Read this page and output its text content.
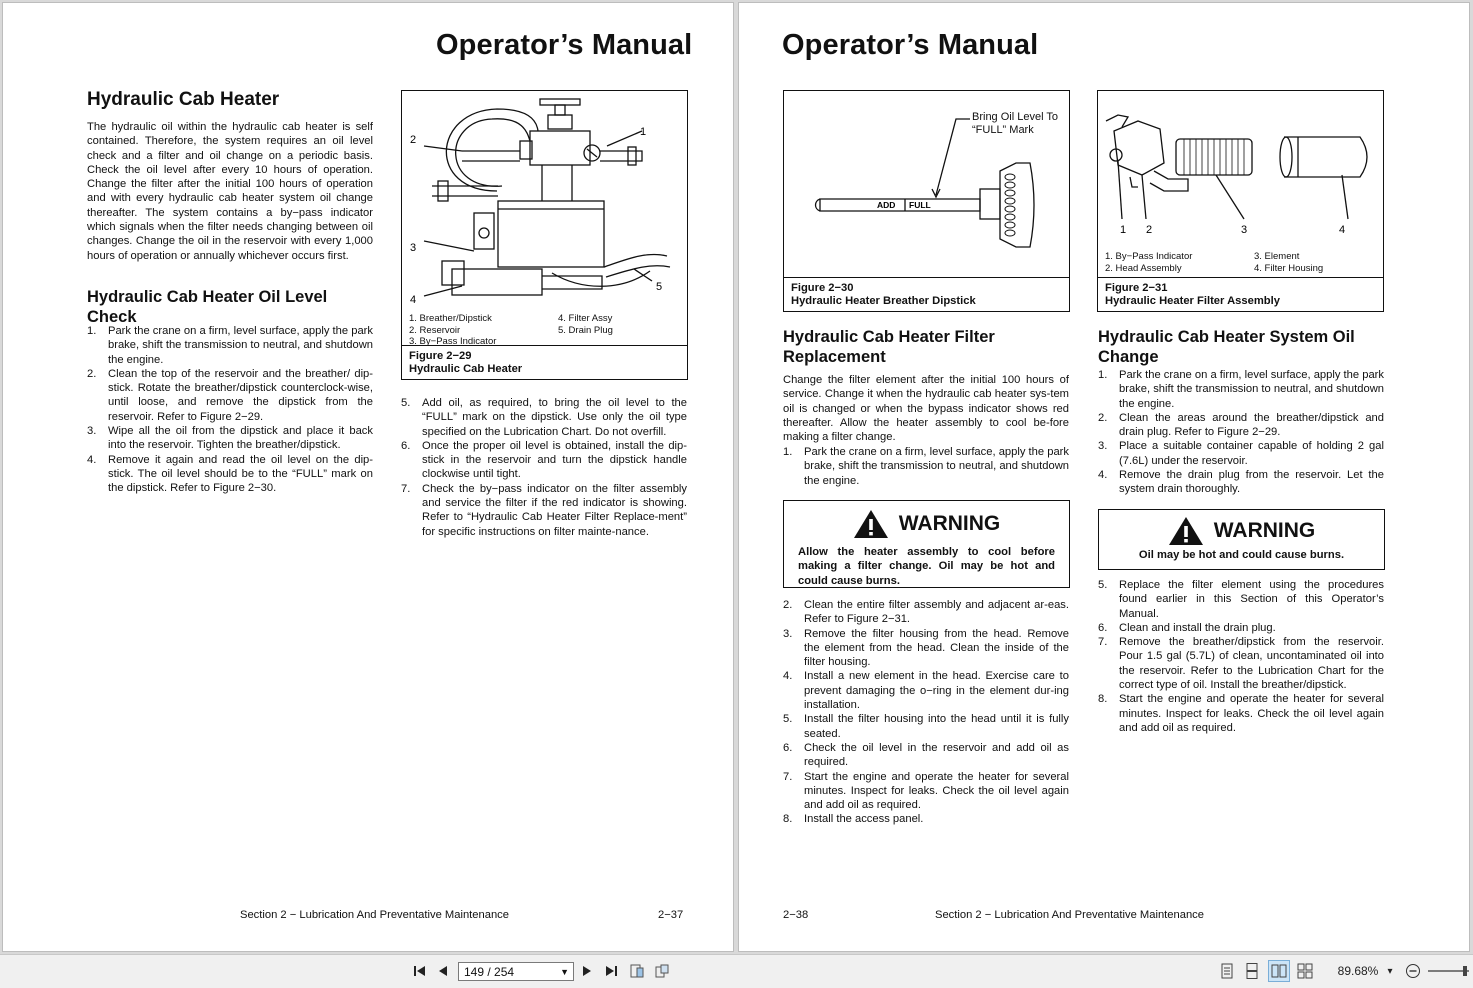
Operator’s Manual
Hydraulic Cab Heater
The hydraulic oil within the hydraulic cab heater is self contained. Therefore, the system requires an oil level check and a filter and oil change on a periodic basis. Check the oil level after every 10 hours of operation. Change the filter after the initial 100 hours of operation and with every hydraulic cab heater system oil change thereafter. The system contains a by−pass indicator which signals when the filter needs changing between oil changes. Change the oil in the reservoir with every 1,000 hours of operation or annually whichever occurs first.
Hydraulic Cab Heater Oil Level Check
1. Park the crane on a firm, level surface, apply the park brake, shift the transmission to neutral, and shutdown the engine.
2. Clean the top of the reservoir and the breather/ dip-stick. Rotate the breather/dipstick counterclock-wise, until loose, and remove the dipstick from the reservoir. Refer to Figure 2−29.
3. Wipe all the oil from the dipstick and place it back into the reservoir. Tighten the breather/dipstick.
4. Remove it again and read the oil level on the dip-stick. The oil level should be to the “FULL” mark on the dipstick. Refer to Figure 2−30.
2
1
3
4
5
1. Breather/Dipstick
2. Reservoir
3. By−Pass Indicator
4. Filter Assy
5. Drain Plug
Figure 2−29
Hydraulic Cab Heater
5. Add oil, as required, to bring the oil level to the “FULL” mark on the dipstick. Use only the oil type specified on the Lubrication Chart. Do not overfill.
6. Once the proper oil level is obtained, install the dip-stick in the reservoir and turn the dipstick handle clockwise until tight.
7. Check the by−pass indicator on the filter assembly and service the filter if the red indicator is showing. Refer to “Hydraulic Cab Heater Filter Replace-ment” for specific instructions on filter mainte-nance.
Section 2 − Lubrication And Preventative Maintenance	2−37
Operator’s Manual
ADD FULL
Bring Oil Level To “FULL” Mark
Figure 2−30
Hydraulic Heater Breather Dipstick
1 2	3	4
1. By−Pass Indicator
2. Head Assembly
3. Element
4. Filter Housing
Figure 2−31
Hydraulic Heater Filter Assembly
Hydraulic Cab Heater Filter Replacement
Change the filter element after the initial 100 hours of service. Change it when the hydraulic cab heater sys-tem oil is changed or when the bypass indicator shows red thereafter. Allow the heater assembly to cool be-fore making a filter change.
1. Park the crane on a firm, level surface, apply the park brake, shift the transmission to neutral, and shutdown the engine.
WARNING
Allow the heater assembly to cool before making a filter change. Oil may be hot and could cause burns.
2. Clean the entire filter assembly and adjacent ar-eas. Refer to Figure 2−31.
3. Remove the filter housing from the head. Remove the element from the head. Clean the inside of the filter housing.
4. Install a new element in the head. Exercise care to prevent damaging the o−ring in the element dur-ing installation.
5. Install the filter housing into the head until it is fully seated.
6. Check the oil level in the reservoir and add oil as required.
7. Start the engine and operate the heater for several minutes. Inspect for leaks. Check the oil level again and add oil as required.
8. Install the access panel.
Hydraulic Cab Heater System Oil Change
1. Park the crane on a firm, level surface, apply the park brake, shift the transmission to neutral, and shutdown the engine.
2. Clean the areas around the breather/dipstick and drain plug. Refer to Figure 2−29.
3. Place a suitable container capable of holding 2 gal (7.6L) under the reservoir.
4. Remove the drain plug from the reservoir. Let the system drain thoroughly.
WARNING
Oil may be hot and could cause burns.
5. Replace the filter element using the procedures found earlier in this Section of this Operator’s Manual.
6. Clean and install the drain plug.
7. Remove the breather/dipstick from the reservoir. Pour 1.5 gal (5.7L) of clean, uncontaminated oil into the reservoir. Refer to the Lubrication Chart for the correct type of oil. Install the breather/dipstick.
8. Start the engine and operate the heater for several minutes. Inspect for leaks. Check the oil level again and add oil as required.
2−38	Section 2 − Lubrication And Preventative Maintenance
149 / 254	▼	89.68% ▾
